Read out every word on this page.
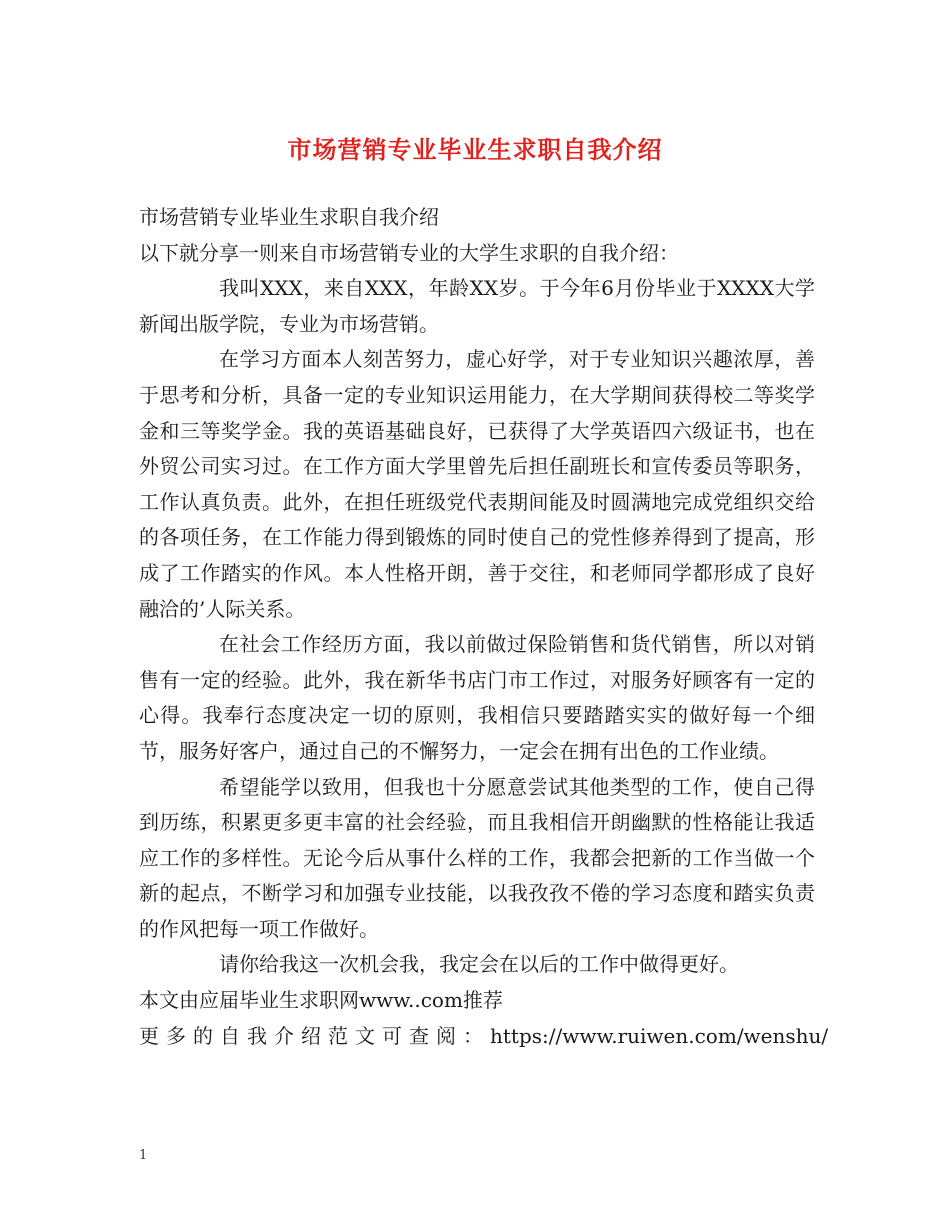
市场营销专业毕业生求职自我介绍
市场营销专业毕业生求职自我介绍
以下就分享一则来自市场营销专业的大学生求职的自我介绍：

我叫XXX，来自XXX，年龄XX岁。于今年6月份毕业于XXXX大学新闻出版学院，专业为市场营销。

在学习方面本人刻苦努力，虚心好学，对于专业知识兴趣浓厚，善于思考和分析，具备一定的专业知识运用能力，在大学期间获得校二等奖学金和三等奖学金。我的英语基础良好，已获得了大学英语四六级证书，也在外贸公司实习过。在工作方面大学里曾先后担任副班长和宣传委员等职务，工作认真负责。此外，在担任班级党代表期间能及时圆满地完成党组织交给的各项任务，在工作能力得到锻炼的同时使自己的党性修养得到了提高，形成了工作踏实的作风。本人性格开朗，善于交往，和老师同学都形成了良好融洽的’人际关系。

在社会工作经历方面，我以前做过保险销售和货代销售，所以对销售有一定的经验。此外，我在新华书店门市工作过，对服务好顾客有一定的心得。我奉行态度决定一切的原则，我相信只要踏踏实实的做好每一个细节，服务好客户，通过自己的不懈努力，一定会在拥有出色的工作业绩。

希望能学以致用，但我也十分愿意尝试其他类型的工作，使自己得到历练，积累更多更丰富的社会经验，而且我相信开朗幽默的性格能让我适应工作的多样性。无论今后从事什么样的工作，我都会把新的工作当做一个新的起点，不断学习和加强专业技能，以我孜孜不倦的学习态度和踏实负责的作风把每一项工作做好。

请你给我这一次机会我，我定会在以后的工作中做得更好。

本文由应届毕业生求职网www..com推荐
更多的自我介绍范文可查阅：https://www.ruiwen.com/wenshu/
1
